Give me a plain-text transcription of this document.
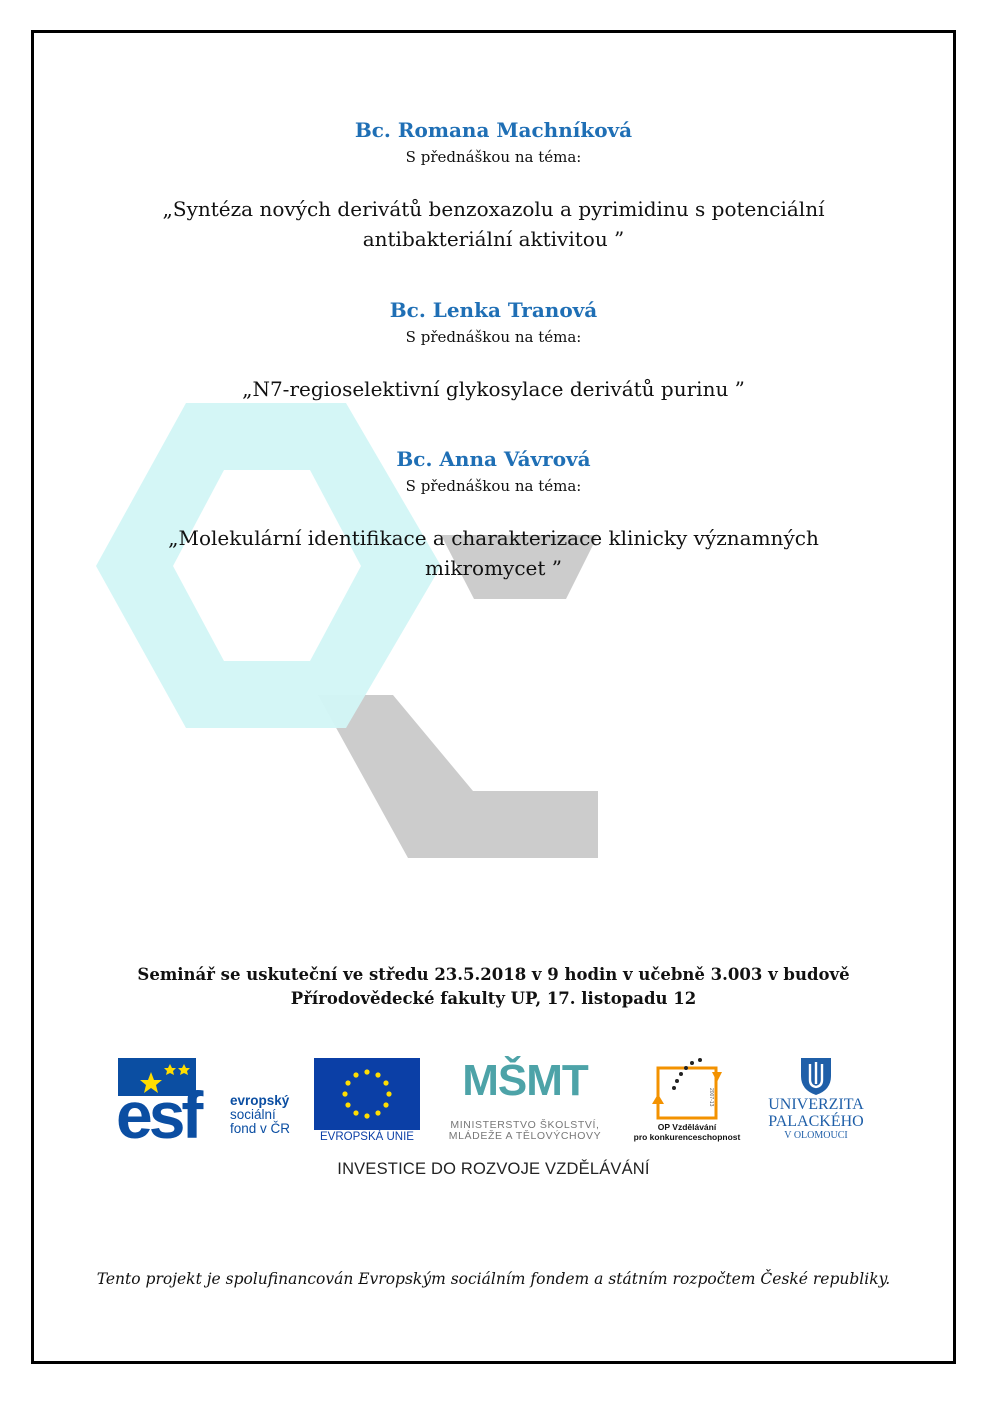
Bc. Romana Machníková
S přednáškou na téma:
„Syntéza nových derivátů benzoxazolu a pyrimidinu s potenciální
antibakteriální aktivitou ”
Bc. Lenka Tranová
S přednáškou na téma:
„N7-regioselektivní glykosylace derivátů purinu ”
Bc. Anna Vávrová
S přednáškou na téma:
„Molekulární identifikace a charakterizace klinicky významných
mikromycet ”
Seminář se uskuteční ve středu 23.5.2018 v 9 hodin v učebně 3.003 v budově
Přírodovědecké fakulty UP, 17. listopadu 12
esf evropský
sociální
fond v ČR
EVROPSKÁ UNIE
MŠMT
MINISTERSTVO ŠKOLSTVÍ,
MLÁDEŽE A TĚLOVÝCHOVY
2007-13
OP Vzdělávání
pro konkurenceschopnost
UNIVERZITA
PALACKÉHO
V OLOMOUCI
INVESTICE DO ROZVOJE VZDĚLÁVÁNÍ
Tento projekt je spolufinancován Evropským sociálním fondem a státním rozpočtem České republiky.
